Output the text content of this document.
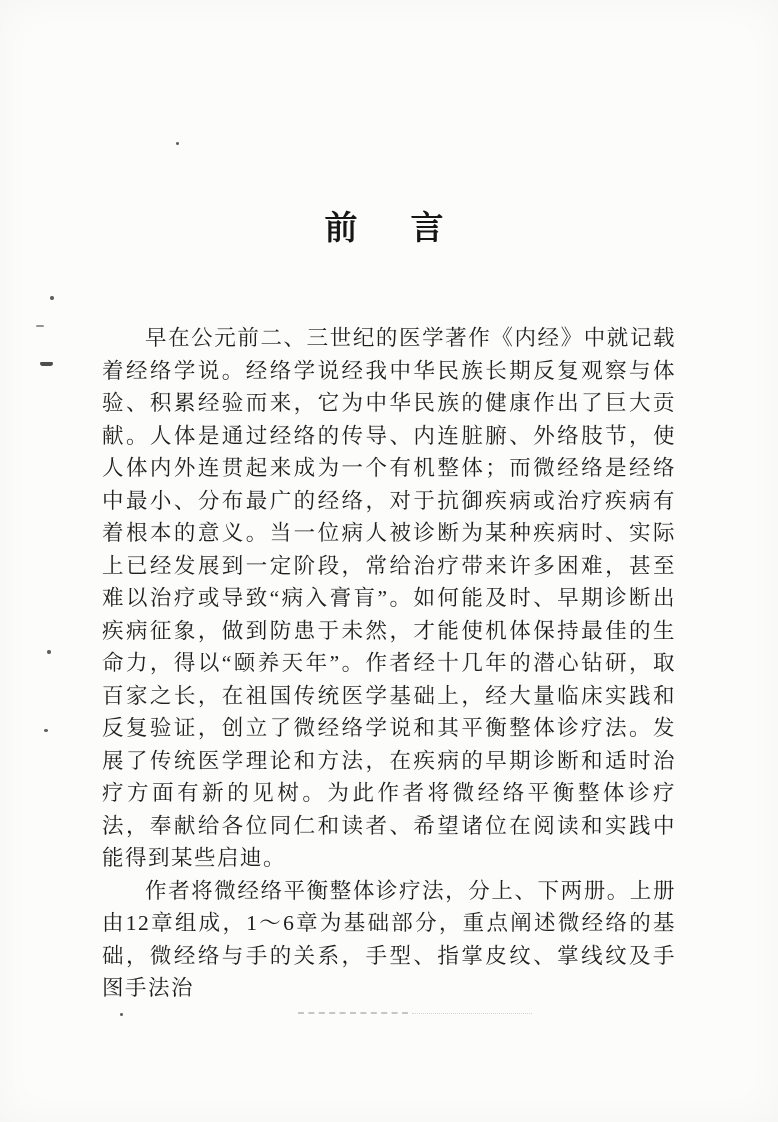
前　言

早在公元前二、三世纪的医学著作《内经》中就记载着经络学说。经络学说经我中华民族长期反复观察与体验、积累经验而来，它为中华民族的健康作出了巨大贡献。人体是通过经络的传导、内连脏腑、外络肢节，使人体内外连贯起来成为一个有机整体；而微经络是经络中最小、分布最广的经络，对于抗御疾病或治疗疾病有着根本的意义。当一位病人被诊断为某种疾病时、实际上已经发展到一定阶段，常给治疗带来许多困难，甚至难以治疗或导致“病入膏肓”。如何能及时、早期诊断出疾病征象，做到防患于未然，才能使机体保持最佳的生命力，得以“颐养天年”。作者经十几年的潜心钻研，取百家之长，在祖国传统医学基础上，经大量临床实践和反复验证，创立了微经络学说和其平衡整体诊疗法。发展了传统医学理论和方法，在疾病的早期诊断和适时治疗方面有新的见树。为此作者将微经络平衡整体诊疗法，奉献给各位同仁和读者、希望诸位在阅读和实践中能得到某些启迪。

作者将微经络平衡整体诊疗法，分上、下两册。上册由12章组成，1～6章为基础部分，重点阐述微经络的基础，微经络与手的关系，手型、指掌皮纹、掌线纹及手图手法治
